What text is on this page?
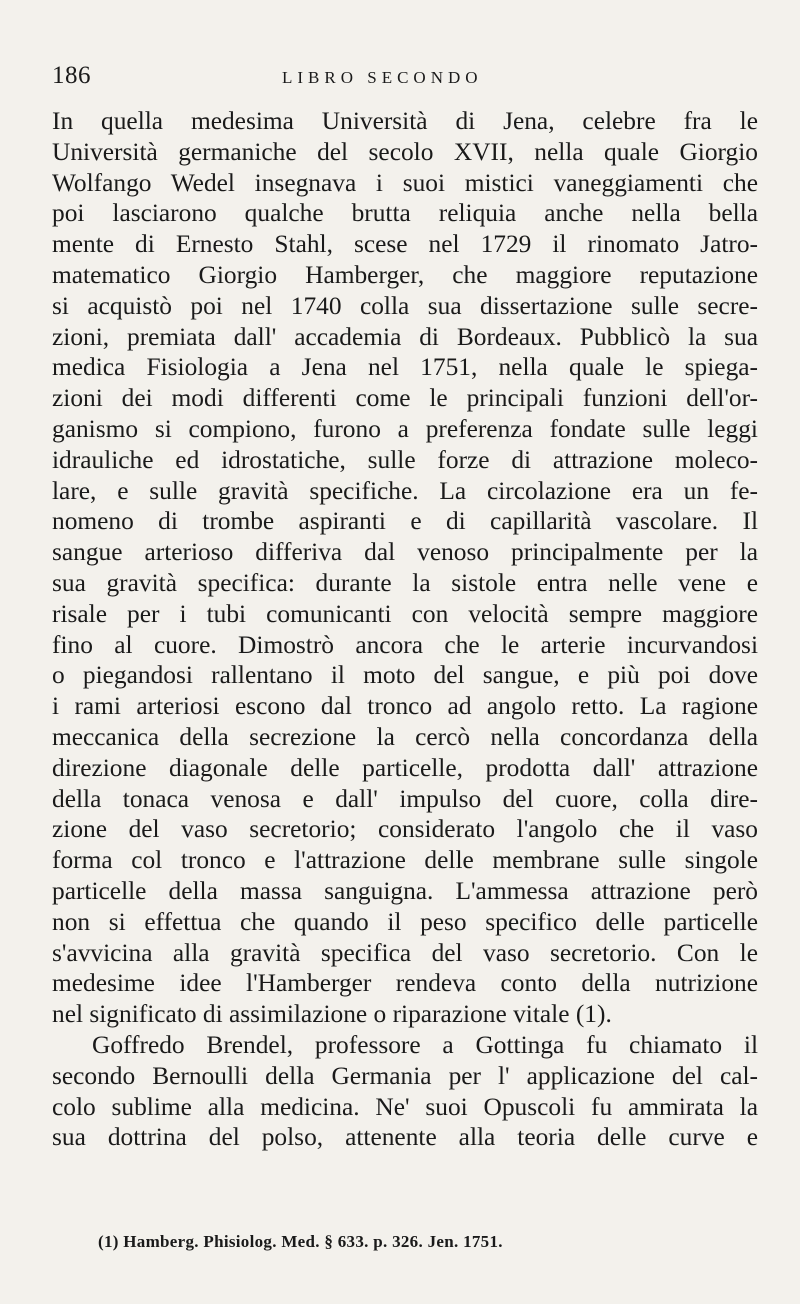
186	LIBRO SECONDO
In quella medesima Università di Jena, celebre fra le
Università germaniche del secolo XVII, nella quale Giorgio
Wolfango Wedel insegnava i suoi mistici vaneggiamenti che
poi lasciarono qualche brutta reliquia anche nella bella
mente di Ernesto Stahl, scese nel 1729 il rinomato Jatro-
matematico Giorgio Hamberger, che maggiore reputazione
si acquistò poi nel 1740 colla sua dissertazione sulle secre-
zioni, premiata dall' accademia di Bordeaux. Pubblicò la sua
medica Fisiologia a Jena nel 1751, nella quale le spiega-
zioni dei modi differenti come le principali funzioni dell'or-
ganismo si compiono, furono a preferenza fondate sulle leggi
idrauliche ed idrostatiche, sulle forze di attrazione moleco-
lare, e sulle gravità specifiche. La circolazione era un fe-
nomeno di trombe aspiranti e di capillarità vascolare. Il
sangue arterioso differiva dal venoso principalmente per la
sua gravità specifica: durante la sistole entra nelle vene e
risale per i tubi comunicanti con velocità sempre maggiore
fino al cuore. Dimostrò ancora che le arterie incurvandosi
o piegandosi rallentano il moto del sangue, e più poi dove
i rami arteriosi escono dal tronco ad angolo retto. La ragione
meccanica della secrezione la cercò nella concordanza della
direzione diagonale delle particelle, prodotta dall' attrazione
della tonaca venosa e dall' impulso del cuore, colla dire-
zione del vaso secretorio; considerato l'angolo che il vaso
forma col tronco e l'attrazione delle membrane sulle singole
particelle della massa sanguigna. L'ammessa attrazione però
non si effettua che quando il peso specifico delle particelle
s'avvicina alla gravità specifica del vaso secretorio. Con le
medesime idee l'Hamberger rendeva conto della nutrizione
nel significato di assimilazione o riparazione vitale (1).
Goffredo Brendel, professore a Gottinga fu chiamato il
secondo Bernoulli della Germania per l' applicazione del cal-
colo sublime alla medicina. Ne' suoi Opuscoli fu ammirata la
sua dottrina del polso, attenente alla teoria delle curve e
(1) Hamberg. Phisiolog. Med. § 633. p. 326. Jen. 1751.
